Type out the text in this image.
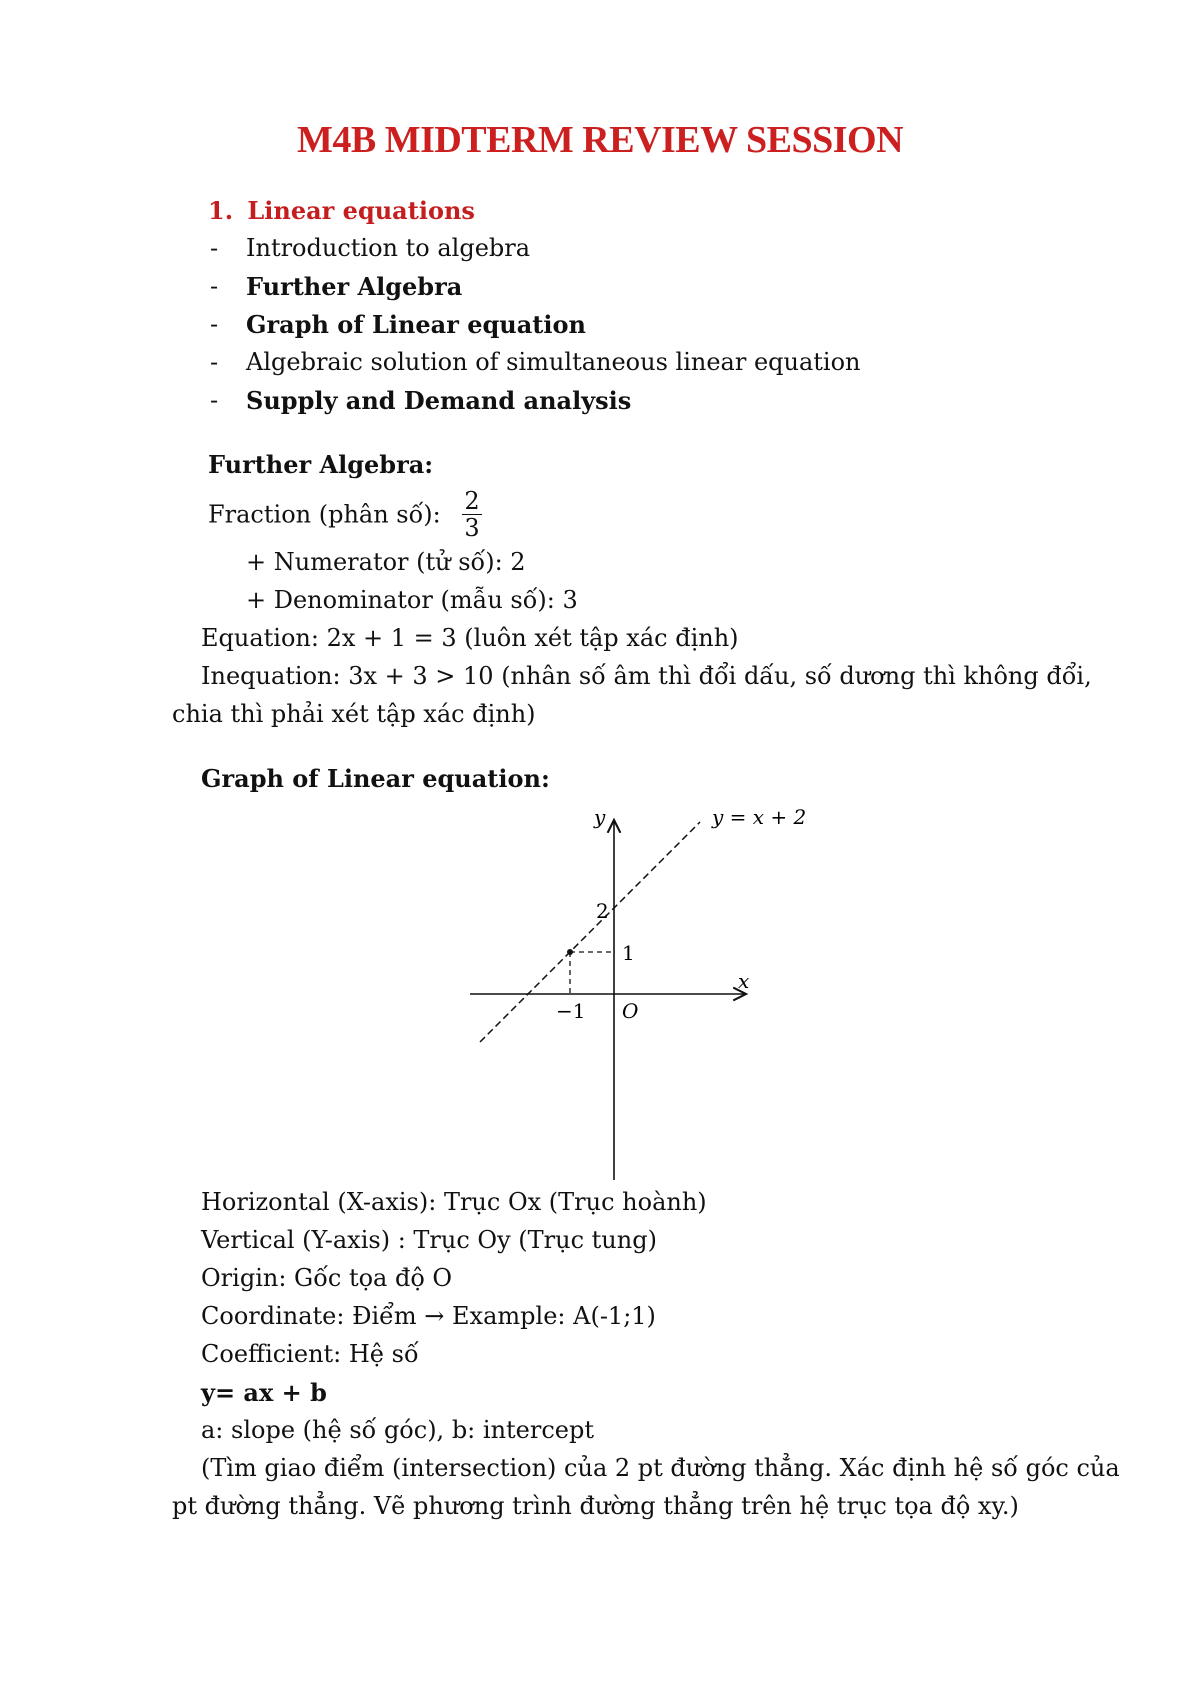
M4B MIDTERM REVIEW SESSION
1. Linear equations
- Introduction to algebra
- Further Algebra
- Graph of Linear equation
- Algebraic solution of simultaneous linear equation
- Supply and Demand analysis
Further Algebra:
Fraction (phân số): $\frac{2}{3}$
+ Numerator (tử số): 2
+ Denominator (mẫu số): 3
Equation: 2x + 1 = 3 (luôn xét tập xác định)
Inequation: 3x + 3 > 10 (nhân số âm thì đổi dấu, số dương thì không đổi,
chia thì phải xét tập xác định)
Graph of Linear equation:
y	y = x + 2
2
1
x
−1 O
Horizontal (X-axis): Trục Ox (Trục hoành)
Vertical (Y-axis) : Trục Oy (Trục tung)
Origin: Gốc tọa độ O
Coordinate: Điểm → Example: A(-1;1)
Coefficient: Hệ số
y= ax + b
a: slope (hệ số góc), b: intercept
(Tìm giao điểm (intersection) của 2 pt đường thẳng. Xác định hệ số góc của
pt đường thẳng. Vẽ phương trình đường thẳng trên hệ trục tọa độ xy.)
